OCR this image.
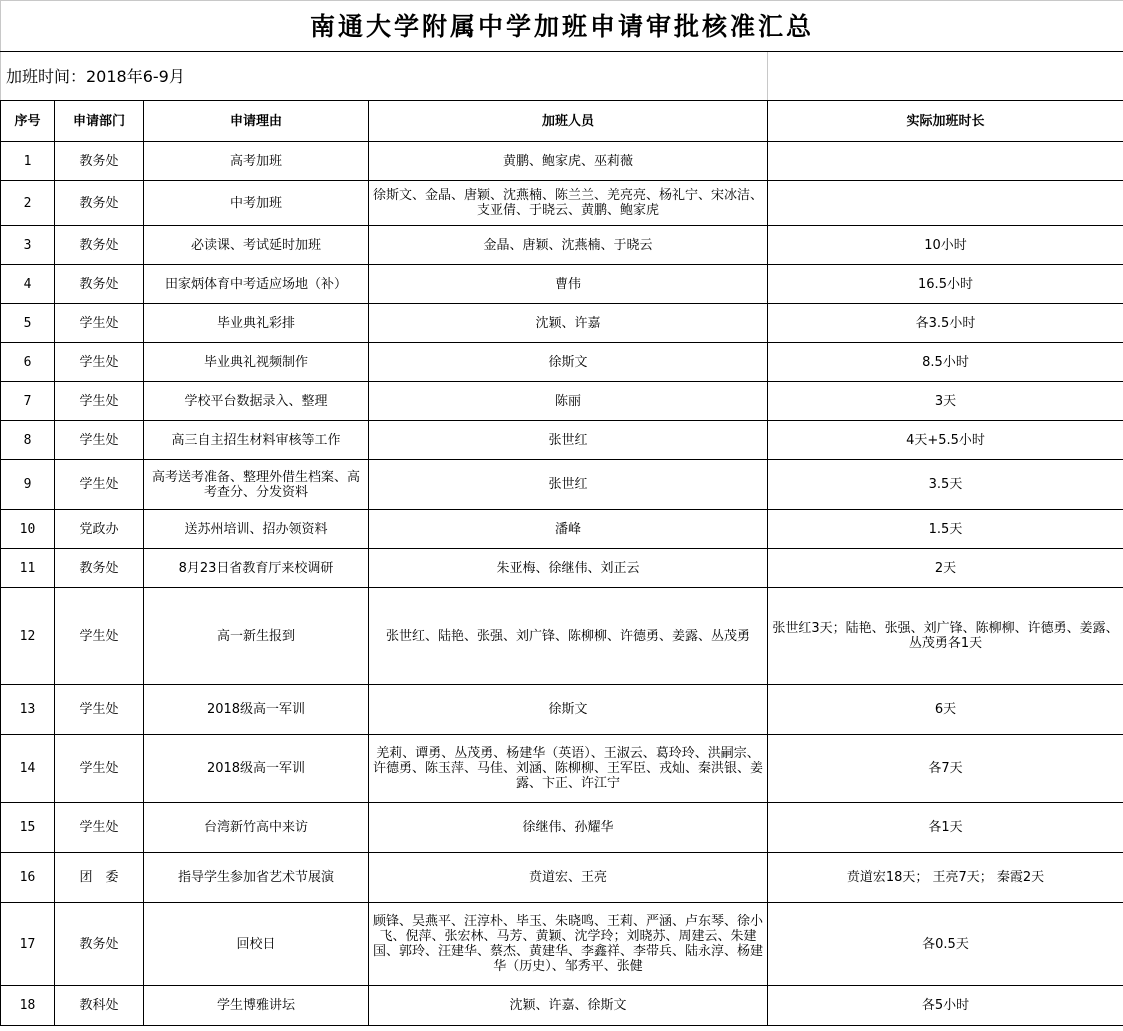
南通大学附属中学加班申请审批核准汇总				
加班时间：2018年6-9月				
序号	申请部门	申请理由	加班人员	实际加班时长
1	教务处	高考加班	黄鹏、鲍家虎、巫莉薇	
2	教务处	中考加班	徐斯文、金晶、唐颖、沈燕楠、陈兰兰、羌亮亮、杨礼宁、宋冰洁、支亚倩、于晓云、黄鹏、鲍家虎	
3	教务处	必读课、考试延时加班	金晶、唐颖、沈燕楠、于晓云	10小时
4	教务处	田家炳体育中考适应场地（补）	曹伟	16.5小时
5	学生处	毕业典礼彩排	沈颖、许嘉	各3.5小时
6	学生处	毕业典礼视频制作	徐斯文	8.5小时
7	学生处	学校平台数据录入、整理	陈丽	3天
8	学生处	高三自主招生材料审核等工作	张世红	4天+5.5小时
9	学生处	高考送考准备、整理外借生档案、高考查分、分发资料	张世红	3.5天
10	党政办	送苏州培训、招办领资料	潘峰	1.5天
11	教务处	8月23日省教育厅来校调研	朱亚梅、徐继伟、刘正云	2天
12	学生处	高一新生报到	张世红、陆艳、张强、刘广锋、陈柳柳、许德勇、姜露、丛茂勇	张世红3天；陆艳、张强、刘广锋、陈柳柳、许德勇、姜露、丛茂勇各1天
13	学生处	2018级高一军训	徐斯文	6天
14	学生处	2018级高一军训	羌莉、谭勇、丛茂勇、杨建华（英语）、王淑云、葛玲玲、洪嗣宗、许德勇、陈玉萍、马佳、刘涵、陈柳柳、王军臣、戎灿、秦洪银、姜露、卞正、许江宁	各7天
15	学生处	台湾新竹高中来访	徐继伟、孙耀华	各1天
16	团　委	指导学生参加省艺术节展演	贲道宏、王亮	贲道宏18天； 王亮7天； 秦霞2天
17	教务处	回校日	顾锋、吴燕平、汪淳朴、毕玉、朱晓鸣、王莉、严涵、卢东琴、徐小飞、倪萍、张宏林、马芳、黄颖、沈学玲；刘晓苏、周建云、朱建国、郭玲、汪建华、蔡杰、黄建华、李鑫祥、李带兵、陆永淳、杨建华（历史）、邹秀平、张健	各0.5天
18	教科处	学生博雅讲坛	沈颖、许嘉、徐斯文	各5小时
